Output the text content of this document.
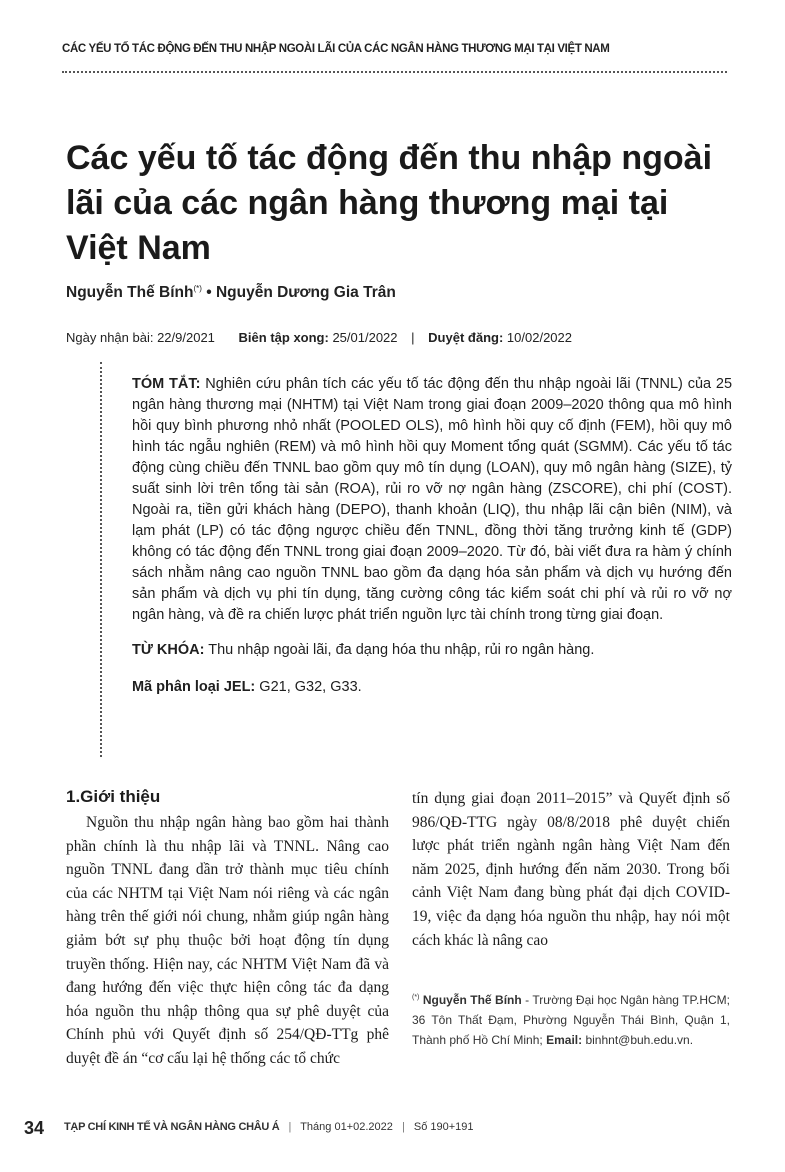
CÁC YẾU TỐ TÁC ĐỘNG ĐẾN THU NHẬP NGOÀI LÃI CỦA CÁC NGÂN HÀNG THƯƠNG MẠI TẠI VIỆT NAM
Các yếu tố tác động đến thu nhập ngoài lãi của các ngân hàng thương mại tại Việt Nam
Nguyễn Thế Bính(*) • Nguyễn Dương Gia Trân
Ngày nhận bài: 22/9/2021 Biên tập xong: 25/01/2022 | Duyệt đăng: 10/02/2022

TÓM TẮT: Nghiên cứu phân tích các yếu tố tác động đến thu nhập ngoài lãi (TNNL) của 25 ngân hàng thương mại (NHTM) tại Việt Nam trong giai đoạn 2009–2020 thông qua mô hình hồi quy bình phương nhỏ nhất (POOLED OLS), mô hình hồi quy cố định (FEM), hồi quy mô hình tác ngẫu nghiên (REM) và mô hình hồi quy Moment tổng quát (SGMM). Các yếu tố tác động cùng chiều đến TNNL bao gồm quy mô tín dụng (LOAN), quy mô ngân hàng (SIZE), tỷ suất sinh lời trên tổng tài sản (ROA), rủi ro vỡ nợ ngân hàng (ZSCORE), chi phí (COST). Ngoài ra, tiền gửi khách hàng (DEPO), thanh khoản (LIQ), thu nhập lãi cận biên (NIM), và lạm phát (LP) có tác động ngược chiều đến TNNL, đồng thời tăng trưởng kinh tế (GDP) không có tác động đến TNNL trong giai đoạn 2009–2020. Từ đó, bài viết đưa ra hàm ý chính sách nhằm nâng cao nguồn TNNL bao gồm đa dạng hóa sản phẩm và dịch vụ hướng đến sản phẩm và dịch vụ phi tín dụng, tăng cường công tác kiểm soát chi phí và rủi ro vỡ nợ ngân hàng, và đề ra chiến lược phát triển nguồn lực tài chính trong từng giai đoạn.

TỪ KHÓA: Thu nhập ngoài lãi, đa dạng hóa thu nhập, rủi ro ngân hàng.

Mã phân loại JEL: G21, G32, G33.

1.Giới thiệu

Nguồn thu nhập ngân hàng bao gồm hai thành phần chính là thu nhập lãi và TNNL. Nâng cao nguồn TNNL đang dần trở thành mục tiêu chính của các NHTM tại Việt Nam nói riêng và các ngân hàng trên thế giới nói chung, nhằm giúp ngân hàng giảm bớt sự phụ thuộc bởi hoạt động tín dụng truyền thống. Hiện nay, các NHTM Việt Nam đã và đang hướng đến việc thực hiện công tác đa dạng hóa nguồn thu nhập thông qua sự phê duyệt của Chính phủ với Quyết định số 254/QĐ-TTg phê duyệt đề án “cơ cấu lại hệ thống các tổ chức

tín dụng giai đoạn 2011–2015” và Quyết định số 986/QĐ-TTG ngày 08/8/2018 phê duyệt chiến lược phát triển ngành ngân hàng Việt Nam đến năm 2025, định hướng đến năm 2030. Trong bối cảnh Việt Nam đang bùng phát đại dịch COVID-19, việc đa dạng hóa nguồn thu nhập, hay nói một cách khác là nâng cao

(*) Nguyễn Thế Bính - Trường Đại học Ngân hàng TP.HCM; 36 Tôn Thất Đạm, Phường Nguyễn Thái Bình, Quận 1, Thành phố Hồ Chí Minh; Email: binhnt@buh.edu.vn.
34 TẠP CHÍ KINH TẾ VÀ NGÂN HÀNG CHÂU Á | Tháng 01+02.2022 | Số 190+191
